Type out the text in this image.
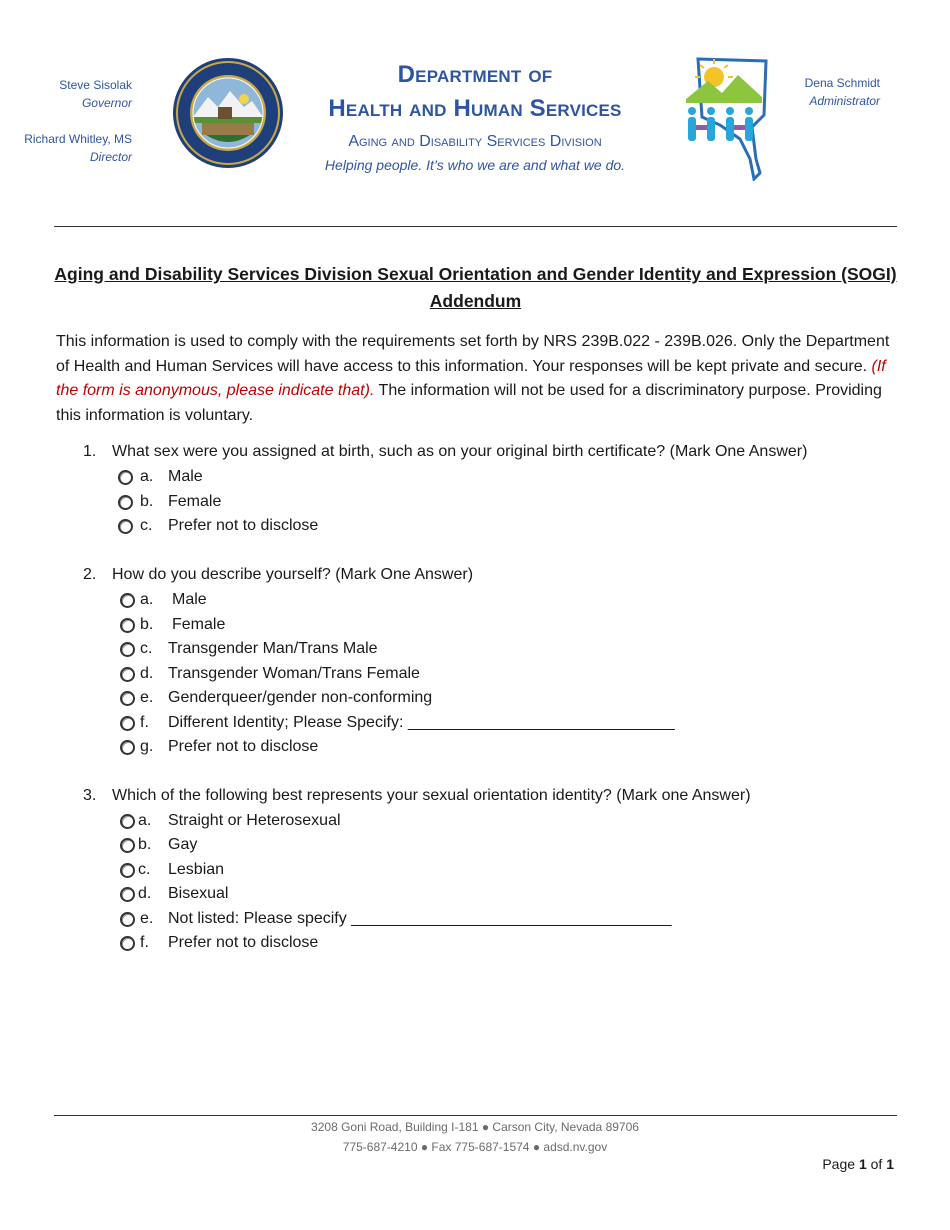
Steve Sisolak
Governor
Richard Whitley, MS
Director
Department of
Health and Human Services
Aging and Disability Services Division
Helping people. It’s who we are and what we do.
Dena Schmidt
Administrator
Aging and Disability Services Division Sexual Orientation and Gender Identity and Expression (SOGI) Addendum
This information is used to comply with the requirements set forth by NRS 239B.022 - 239B.026. Only the Department of Health and Human Services will have access to this information. Your responses will be kept private and secure. (If the form is anonymous, please indicate that). The information will not be used for a discriminatory purpose. Providing this information is voluntary.
1. What sex were you assigned at birth, such as on your original birth certificate? (Mark One Answer)
a. Male
b. Female
c. Prefer not to disclose
2. How do you describe yourself? (Mark One Answer)
a. Male
b. Female
c. Transgender Man/Trans Male
d. Transgender Woman/Trans Female
e. Genderqueer/gender non-conforming
f. Different Identity; Please Specify: ______________________________
g. Prefer not to disclose
3. Which of the following best represents your sexual orientation identity? (Mark one Answer)
a. Straight or Heterosexual
b. Gay
c. Lesbian
d. Bisexual
e. Not listed: Please specify ____________________________________
f. Prefer not to disclose
3208 Goni Road, Building I-181 ● Carson City, Nevada 89706
775-687-4210 ● Fax 775-687-1574 ● adsd.nv.gov
Page 1 of 1
